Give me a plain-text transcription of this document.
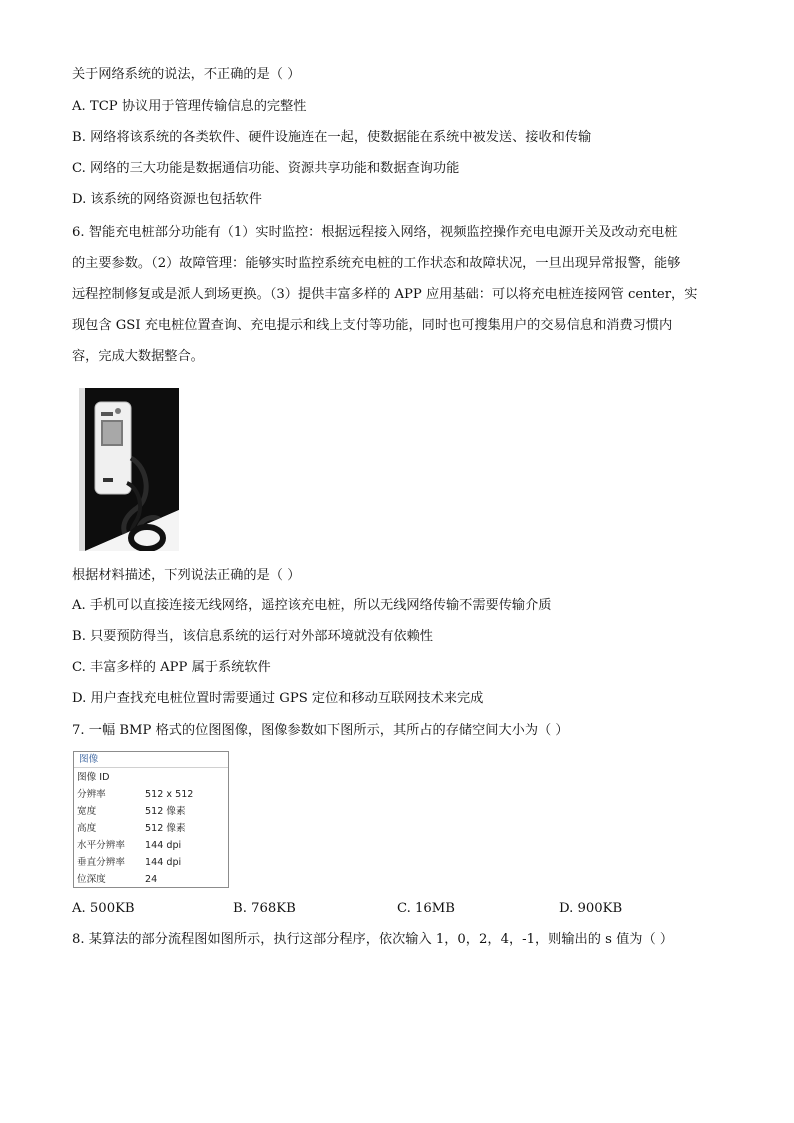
关于网络系统的说法，不正确的是（ ）
A. TCP 协议用于管理传输信息的完整性
B. 网络将该系统的各类软件、硬件设施连在一起，使数据能在系统中被发送、接收和传输
C. 网络的三大功能是数据通信功能、资源共享功能和数据查询功能
D. 该系统的网络资源也包括软件
6. 智能充电桩部分功能有（1）实时监控：根据远程接入网络，视频监控操作充电电源开关及改动充电桩
的主要参数。（2）故障管理：能够实时监控系统充电桩的工作状态和故障状况，一旦出现异常报警，能够
远程控制修复或是派人到场更换。（3）提供丰富多样的 APP 应用基础：可以将充电桩连接网管 center，实
现包含 GSI 充电桩位置查询、充电提示和线上支付等功能，同时也可搜集用户的交易信息和消费习惯内
容，完成大数据整合。
根据材料描述，下列说法正确的是（ ）
A. 手机可以直接连接无线网络，遥控该充电桩，所以无线网络传输不需要传输介质
B. 只要预防得当，该信息系统的运行对外部环境就没有依赖性
C. 丰富多样的 APP 属于系统软件
D. 用户查找充电桩位置时需要通过 GPS 定位和移动互联网技术来完成
7. 一幅 BMP 格式的位图图像，图像参数如下图所示，其所占的存储空间大小为（ ）
图像
图像 ID
分辨率	512 x 512
宽度	512 像素
高度	512 像素
水平分辨率 144 dpi
垂直分辨率 144 dpi
位深度	24
A. 500KB	B. 768KB	C. 16MB	D. 900KB
8. 某算法的部分流程图如图所示，执行这部分程序，依次输入 1，0，2，4，-1，则输出的 s 值为（ ）
